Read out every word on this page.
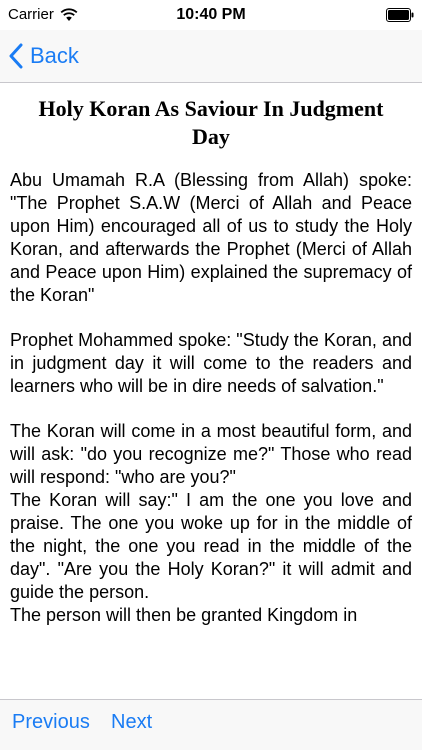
Carrier	10:40 PM
Back
Holy Koran As Saviour In Judgment Day

Abu Umamah R.A (Blessing from Allah) spoke: "The Prophet S.A.W (Merci of Allah and Peace upon Him) encouraged all of us to study the Holy Koran, and afterwards the Prophet (Merci of Allah and Peace upon Him) explained the supremacy of the Koran"

Prophet Mohammed spoke: "Study the Koran, and in judgment day it will come to the readers and learners who will be in dire needs of salvation."

The Koran will come in a most beautiful form, and will ask: "do you recognize me?" Those who read will respond: "who are you?"
The Koran will say:" I am the one you love and praise. The one you woke up for in the middle of the night, the one you read in the middle of the day". "Are you the Holy Koran?" it will admit and guide the person.
The person will then be granted Kingdom in

Previous Next
